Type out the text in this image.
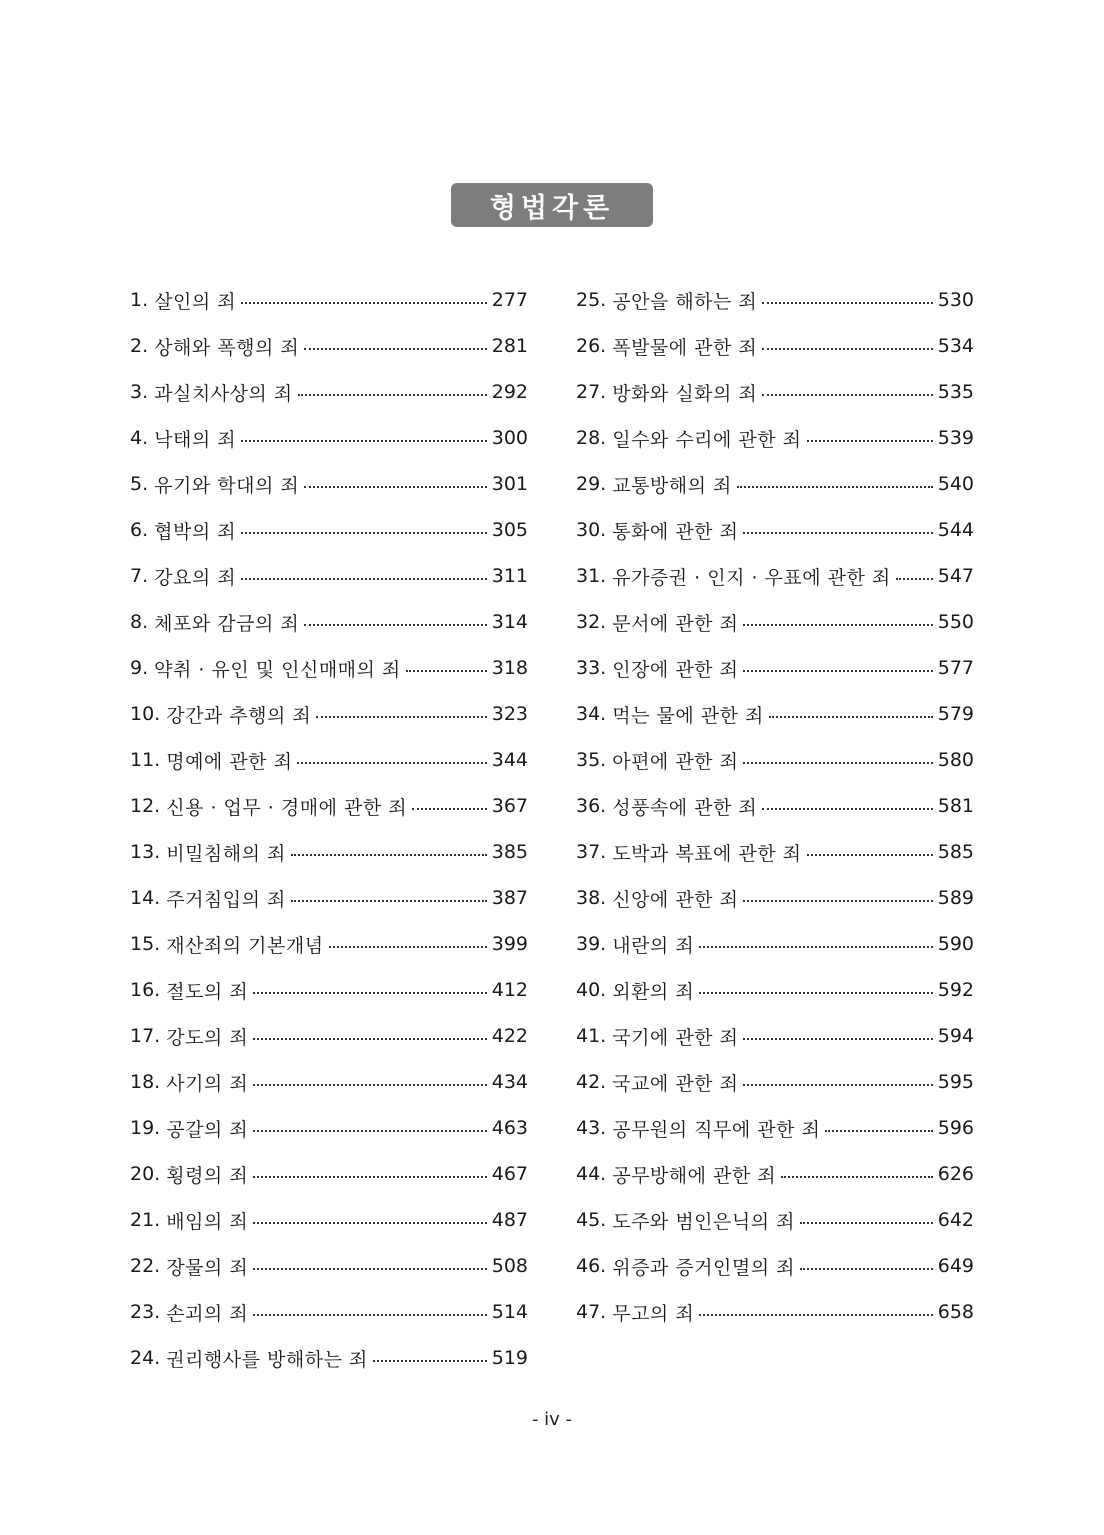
형법각론
1. 살인의 죄	277
2. 상해와 폭행의 죄	281
3. 과실치사상의 죄	292
4. 낙태의 죄	300
5. 유기와 학대의 죄	301
6. 협박의 죄	305
7. 강요의 죄	311
8. 체포와 감금의 죄	314
9. 약취 · 유인 및 인신매매의 죄	318
10. 강간과 추행의 죄	323
11. 명예에 관한 죄	344
12. 신용 · 업무 · 경매에 관한 죄	367
13. 비밀침해의 죄	385
14. 주거침입의 죄	387
15. 재산죄의 기본개념	399
16. 절도의 죄	412
17. 강도의 죄	422
18. 사기의 죄	434
19. 공갈의 죄	463
20. 횡령의 죄	467
21. 배임의 죄	487
22. 장물의 죄	508
23. 손괴의 죄	514
24. 권리행사를 방해하는 죄	519
25. 공안을 해하는 죄	530
26. 폭발물에 관한 죄	534
27. 방화와 실화의 죄	535
28. 일수와 수리에 관한 죄	539
29. 교통방해의 죄	540
30. 통화에 관한 죄	544
31. 유가증권 · 인지 · 우표에 관한 죄 547
32. 문서에 관한 죄	550
33. 인장에 관한 죄	577
34. 먹는 물에 관한 죄	579
35. 아편에 관한 죄	580
36. 성풍속에 관한 죄	581
37. 도박과 복표에 관한 죄	585
38. 신앙에 관한 죄	589
39. 내란의 죄	590
40. 외환의 죄	592
41. 국기에 관한 죄	594
42. 국교에 관한 죄	595
43. 공무원의 직무에 관한 죄	596
44. 공무방해에 관한 죄	626
45. 도주와 범인은닉의 죄	642
46. 위증과 증거인멸의 죄	649
47. 무고의 죄	658
- iv -
